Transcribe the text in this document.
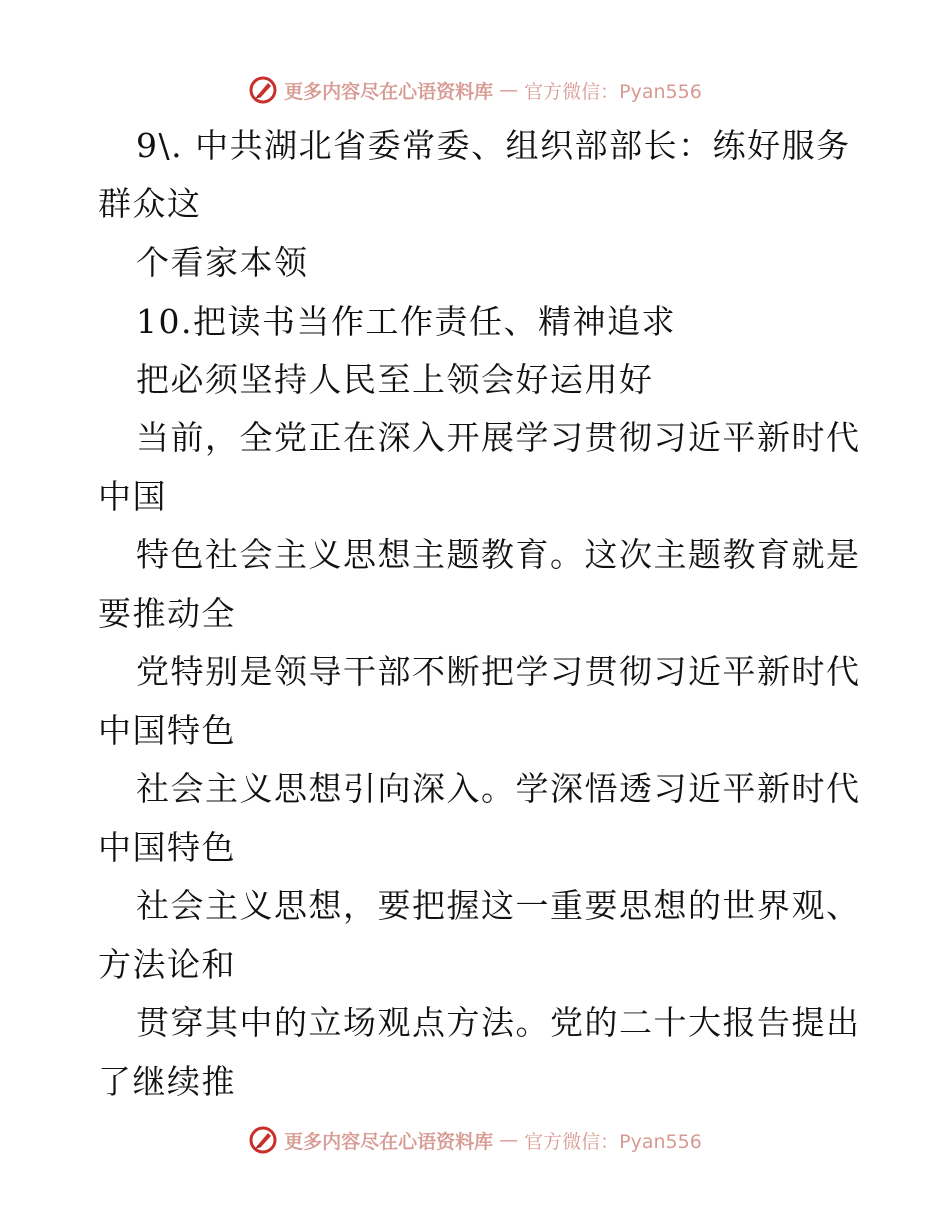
更多内容尽在心语资料库 — 官方微信：Pyan556
9\. 中共湖北省委常委、组织部部长：练好服务
群众这
个看家本领
10.把读书当作工作责任、精神追求
把必须坚持人民至上领会好运用好
当前，全党正在深入开展学习贯彻习近平新时代
中国
特色社会主义思想主题教育。这次主题教育就是
要推动全
党特别是领导干部不断把学习贯彻习近平新时代
中国特色
社会主义思想引向深入。学深悟透习近平新时代
中国特色
社会主义思想，要把握这一重要思想的世界观、
方法论和
贯穿其中的立场观点方法。党的二十大报告提出
了继续推
更多内容尽在心语资料库 — 官方微信：Pyan556
